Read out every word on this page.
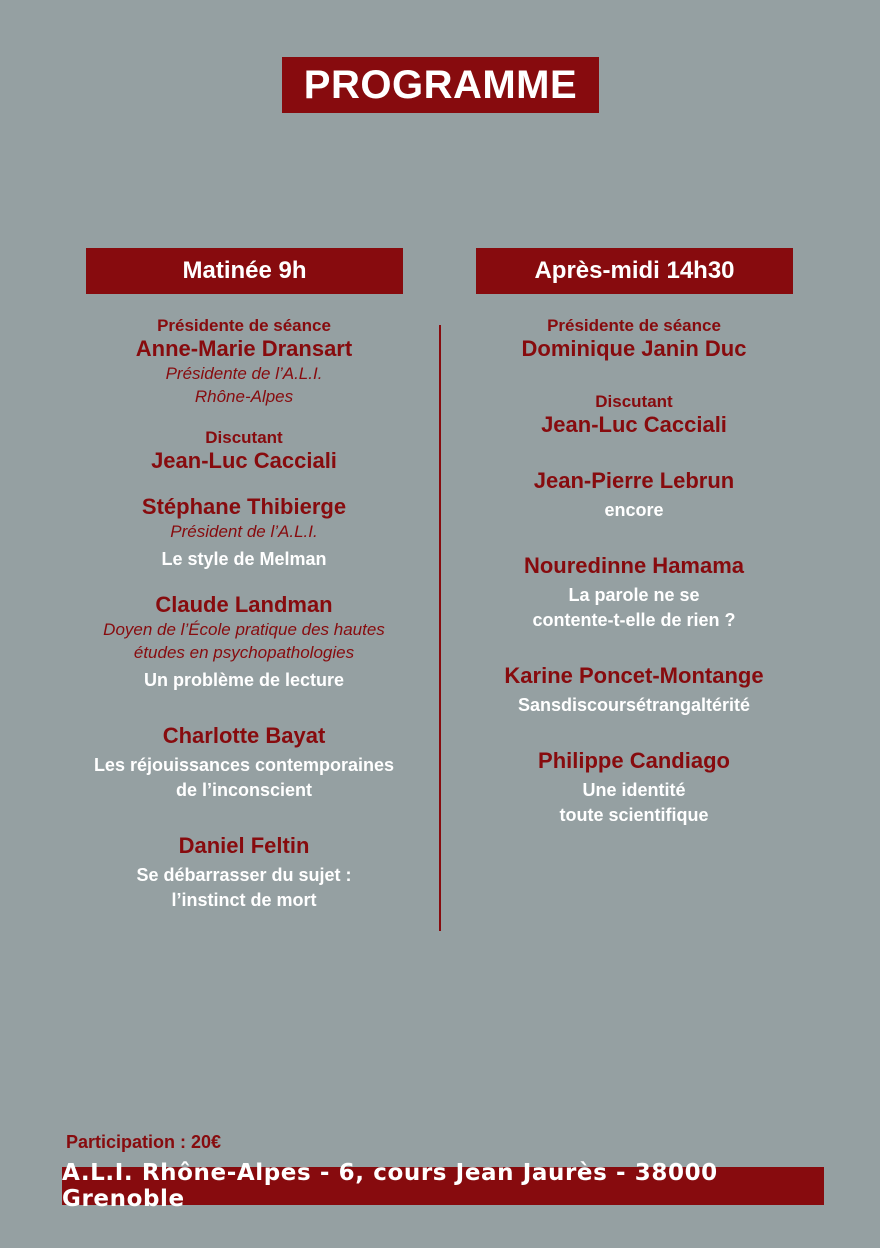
PROGRAMME
Matinée 9h	Après-midi 14h30
Présidente de séance
Anne-Marie Dransart
Présidente de l’A.L.I.
Rhône-Alpes
Discutant
Jean-Luc Cacciali
Stéphane Thibierge
Président de l’A.L.I.
Le style de Melman
Claude Landman
Doyen de l’École pratique des hautes
études en psychopathologies
Un problème de lecture
Charlotte Bayat
Les réjouissances contemporaines
de l’inconscient
Daniel Feltin
Se débarrasser du sujet :
l’instinct de mort
Présidente de séance
Dominique Janin Duc
Discutant
Jean-Luc Cacciali
Jean-Pierre Lebrun
encore
Nouredinne Hamama
La parole ne se
contente-t-elle de rien ?
Karine Poncet-Montange
Sansdiscoursétrangaltérité
Philippe Candiago
Une identité
toute scientifique
Participation : 20€
A.L.I. Rhône-Alpes - 6, cours Jean Jaurès - 38000 Grenoble
